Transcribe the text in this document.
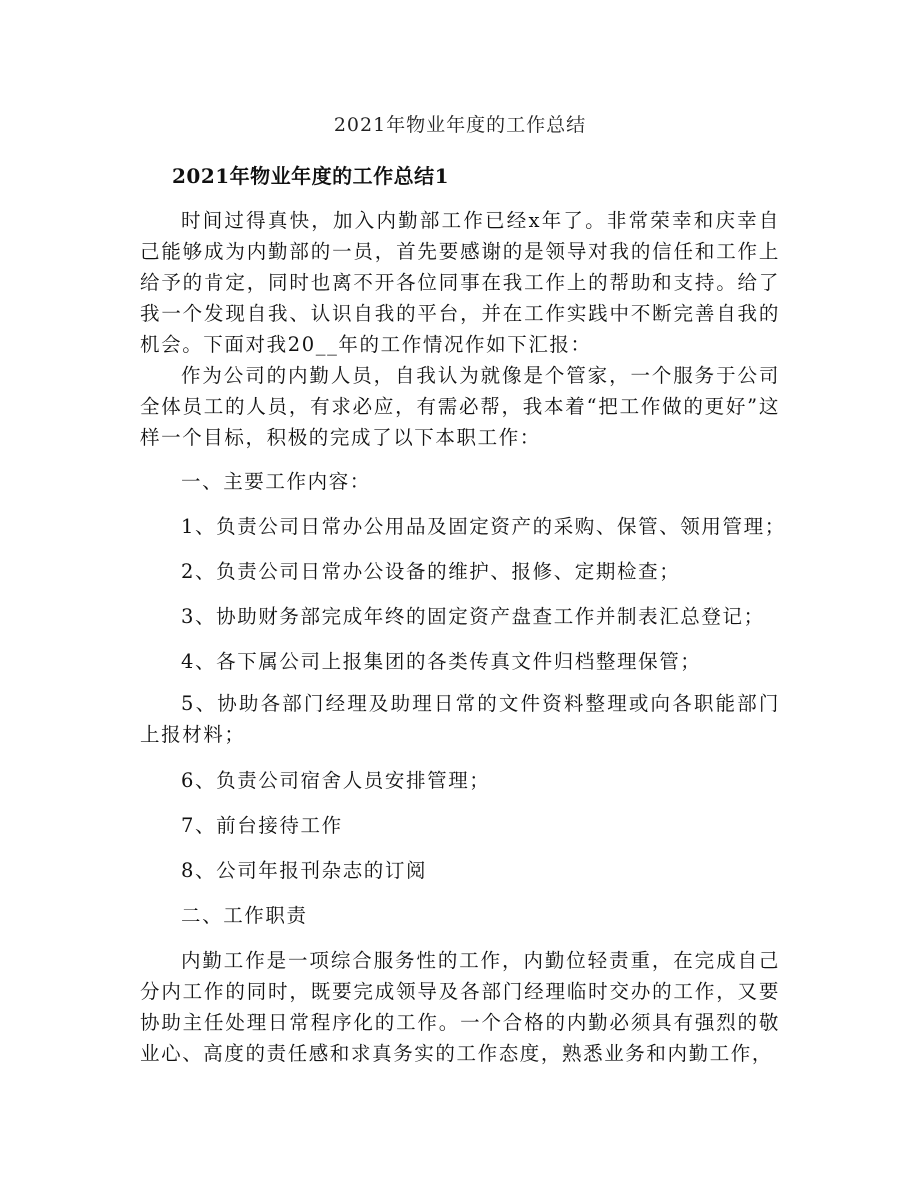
2021年物业年度的工作总结
2021年物业年度的工作总结1
时间过得真快，加入内勤部工作已经x年了。非常荣幸和庆幸自己能够成为内勤部的一员，首先要感谢的是领导对我的信任和工作上给予的肯定，同时也离不开各位同事在我工作上的帮助和支持。给了我一个发现自我、认识自我的平台，并在工作实践中不断完善自我的机会。下面对我20__年的工作情况作如下汇报：
作为公司的内勤人员，自我认为就像是个管家，一个服务于公司全体员工的人员，有求必应，有需必帮，我本着“把工作做的更好”这样一个目标，积极的完成了以下本职工作：
一、主要工作内容：
1、负责公司日常办公用品及固定资产的采购、保管、领用管理；
2、负责公司日常办公设备的维护、报修、定期检查；
3、协助财务部完成年终的固定资产盘查工作并制表汇总登记；
4、各下属公司上报集团的各类传真文件归档整理保管；
5、协助各部门经理及助理日常的文件资料整理或向各职能部门上报材料；
6、负责公司宿舍人员安排管理；
7、前台接待工作
8、公司年报刊杂志的订阅
二、工作职责
内勤工作是一项综合服务性的工作，内勤位轻责重，在完成自己分内工作的同时，既要完成领导及各部门经理临时交办的工作，又要协助主任处理日常程序化的工作。一个合格的内勤必须具有强烈的敬业心、高度的责任感和求真务实的工作态度，熟悉业务和内勤工作，
